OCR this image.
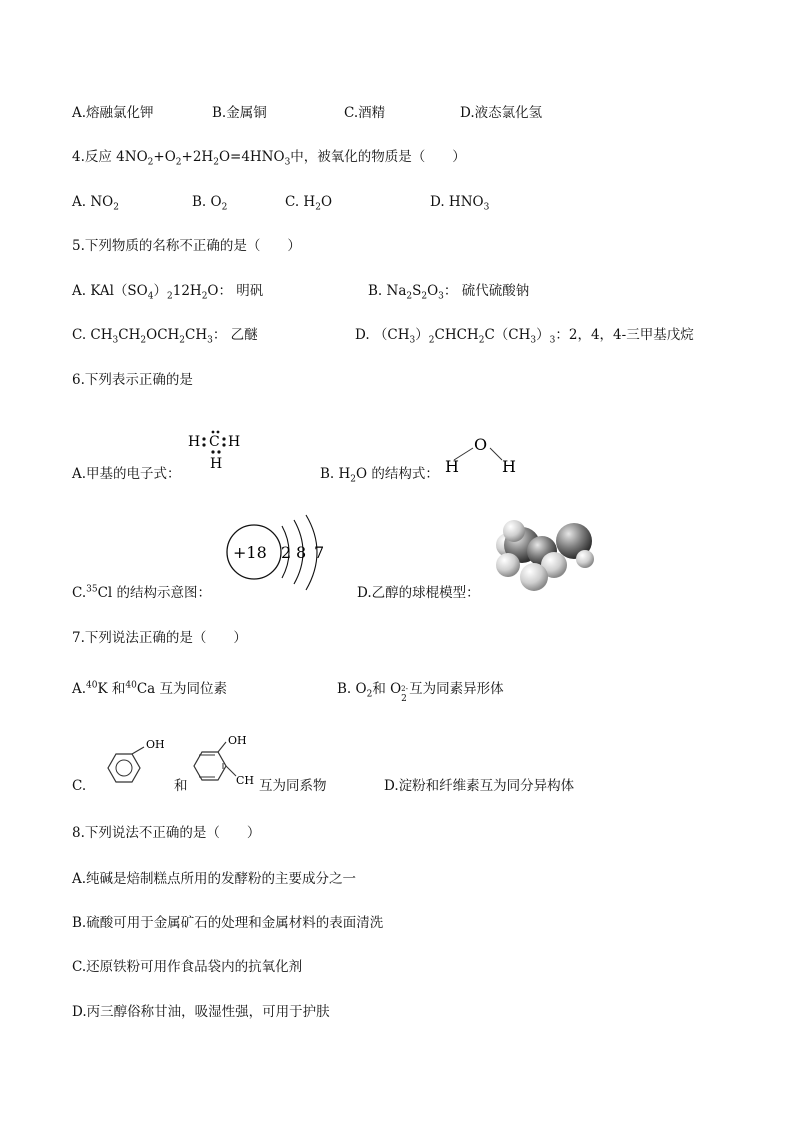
A.熔融氯化钾	B.金属铜	C.酒精	D.液态氯化氢
4.反应 $4NO_2+O_2+2H_2O=4HNO_3$中，被氧化的物质是（　　）
A. $NO_2$	B. $O_2$	C. $H_2O$	D. $HNO_3$
5.下列物质的名称不正确的是（　　）
A. $KAl(SO_4)_212H_2O$： 明矾	B. $Na_2S_2O_3$： 硫代硫酸钠
C. $CH_3CH_2OCH_2CH_3$： 乙醚	D. $(CH_3)_2CHCH_2C(CH_3)_3$：2，4，4-三甲基戊烷
6.下列表示正确的是
H C H
H
A.甲基的电子式：	B. $H_2O$ 的结构式：
O
H	H
+18 2 8 7
C.$^{35}$Cl 的结构示意图：	D.乙醇的球棍模型：
7.下列说法正确的是（　　）
A.$^{40}$K 和$^{40}$Ca 互为同位素	B. $O_2$和 O
2
2- 互为同素异形体
OH
C.	和
OH
CH 互为同系物	D.淀粉和纤维素互为同分异构体
8.下列说法不正确的是（　　）
A.纯碱是焙制糕点所用的发酵粉的主要成分之一
B.硫酸可用于金属矿石的处理和金属材料的表面清洗
C.还原铁粉可用作食品袋内的抗氧化剂
D.丙三醇俗称甘油，吸湿性强，可用于护肤
